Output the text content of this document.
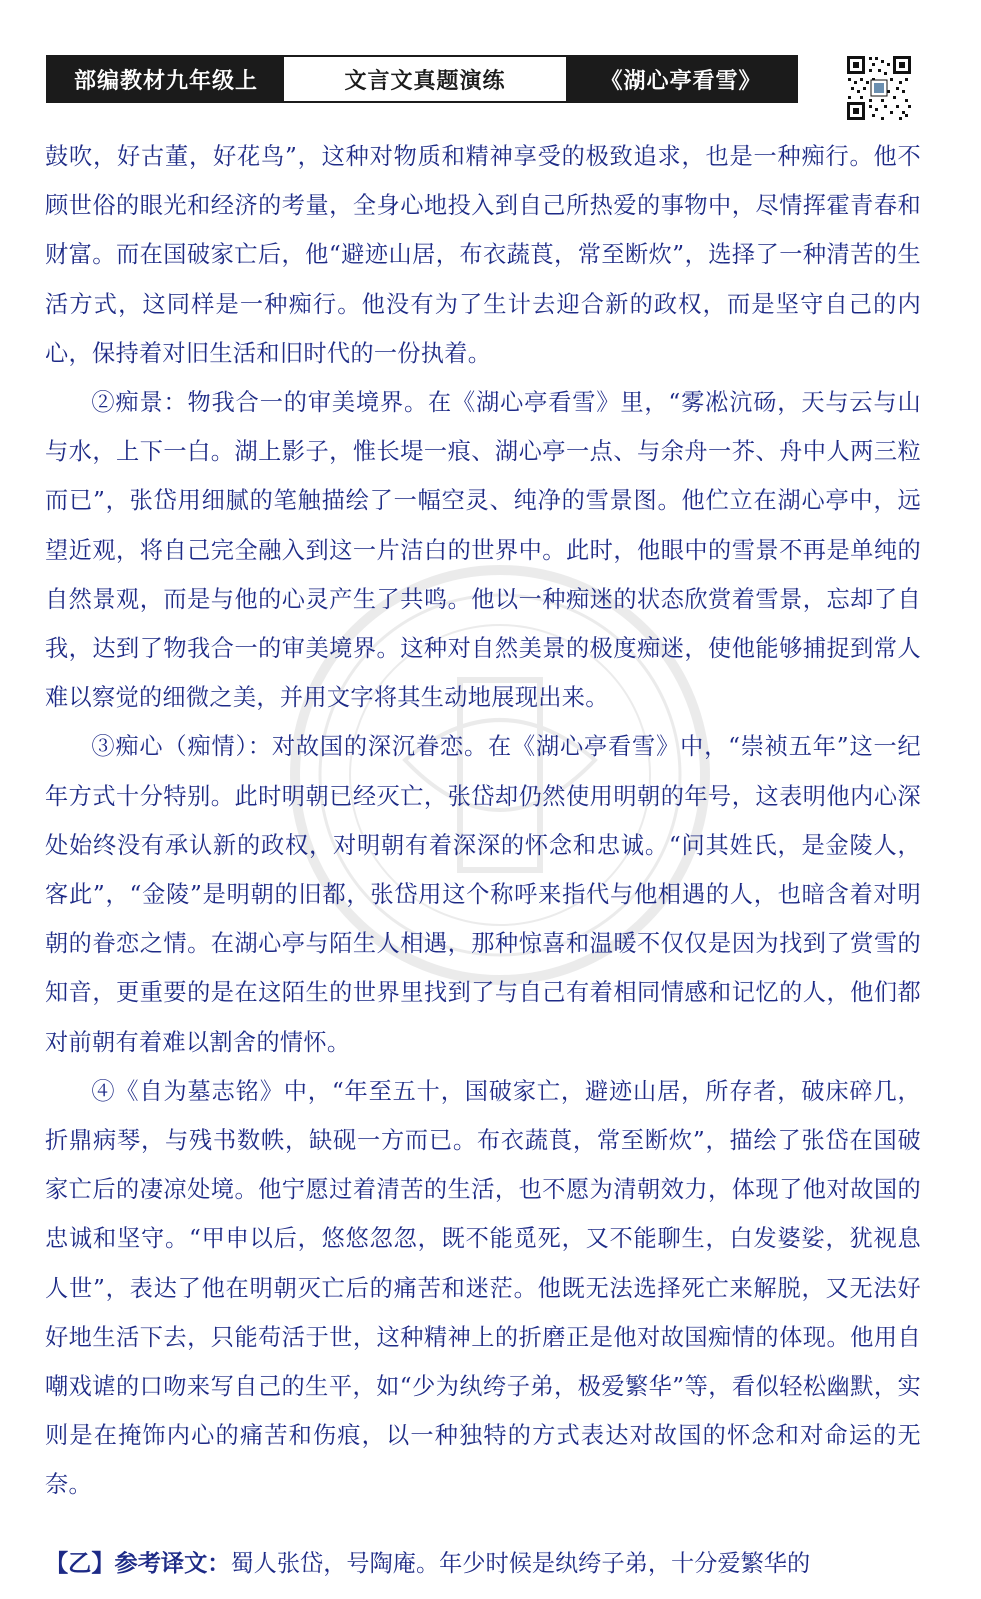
部编教材九年级上	文言文真题演练	《湖心亭看雪》

鼓吹，好古董，好花鸟”，这种对物质和精神享受的极致追求，也是一种痴行。他不顾世俗的眼光和经济的考量，全身心地投入到自己所热爱的事物中，尽情挥霍青春和财富。而在国破家亡后，他“避迹山居，布衣蔬莨，常至断炊”，选择了一种清苦的生活方式，这同样是一种痴行。他没有为了生计去迎合新的政权，而是坚守自己的内心，保持着对旧生活和旧时代的一份执着。

②痴景：物我合一的审美境界。在《湖心亭看雪》里，“雾凇沆砀，天与云与山与水，上下一白。湖上影子，惟长堤一痕、湖心亭一点、与余舟一芥、舟中人两三粒而已”，张岱用细腻的笔触描绘了一幅空灵、纯净的雪景图。他伫立在湖心亭中，远望近观，将自己完全融入到这一片洁白的世界中。此时，他眼中的雪景不再是单纯的自然景观，而是与他的心灵产生了共鸣。他以一种痴迷的状态欣赏着雪景，忘却了自我，达到了物我合一的审美境界。这种对自然美景的极度痴迷，使他能够捕捉到常人难以察觉的细微之美，并用文字将其生动地展现出来。

③痴心（痴情）：对故国的深沉眷恋。在《湖心亭看雪》中，“崇祯五年”这一纪年方式十分特别。此时明朝已经灭亡，张岱却仍然使用明朝的年号，这表明他内心深处始终没有承认新的政权，对明朝有着深深的怀念和忠诚。“问其姓氏，是金陵人，客此”，“金陵”是明朝的旧都，张岱用这个称呼来指代与他相遇的人，也暗含着对明朝的眷恋之情。在湖心亭与陌生人相遇，那种惊喜和温暖不仅仅是因为找到了赏雪的知音，更重要的是在这陌生的世界里找到了与自己有着相同情感和记忆的人，他们都对前朝有着难以割舍的情怀。

④《自为墓志铭》中，“年至五十，国破家亡，避迹山居，所存者，破床碎几，折鼎病琴，与残书数帙，缺砚一方而已。布衣蔬莨，常至断炊”，描绘了张岱在国破家亡后的凄凉处境。他宁愿过着清苦的生活，也不愿为清朝效力，体现了他对故国的忠诚和坚守。“甲申以后，悠悠忽忽，既不能觅死，又不能聊生，白发婆娑，犹视息人世”，表达了他在明朝灭亡后的痛苦和迷茫。他既无法选择死亡来解脱，又无法好好地生活下去，只能苟活于世，这种精神上的折磨正是他对故国痴情的体现。他用自嘲戏谑的口吻来写自己的生平，如“少为纨绔子弟，极爱繁华”等，看似轻松幽默，实则是在掩饰内心的痛苦和伤痕，以一种独特的方式表达对故国的怀念和对命运的无奈。

【乙】参考译文：蜀人张岱，号陶庵。年少时候是纨绔子弟，十分爱繁华的
